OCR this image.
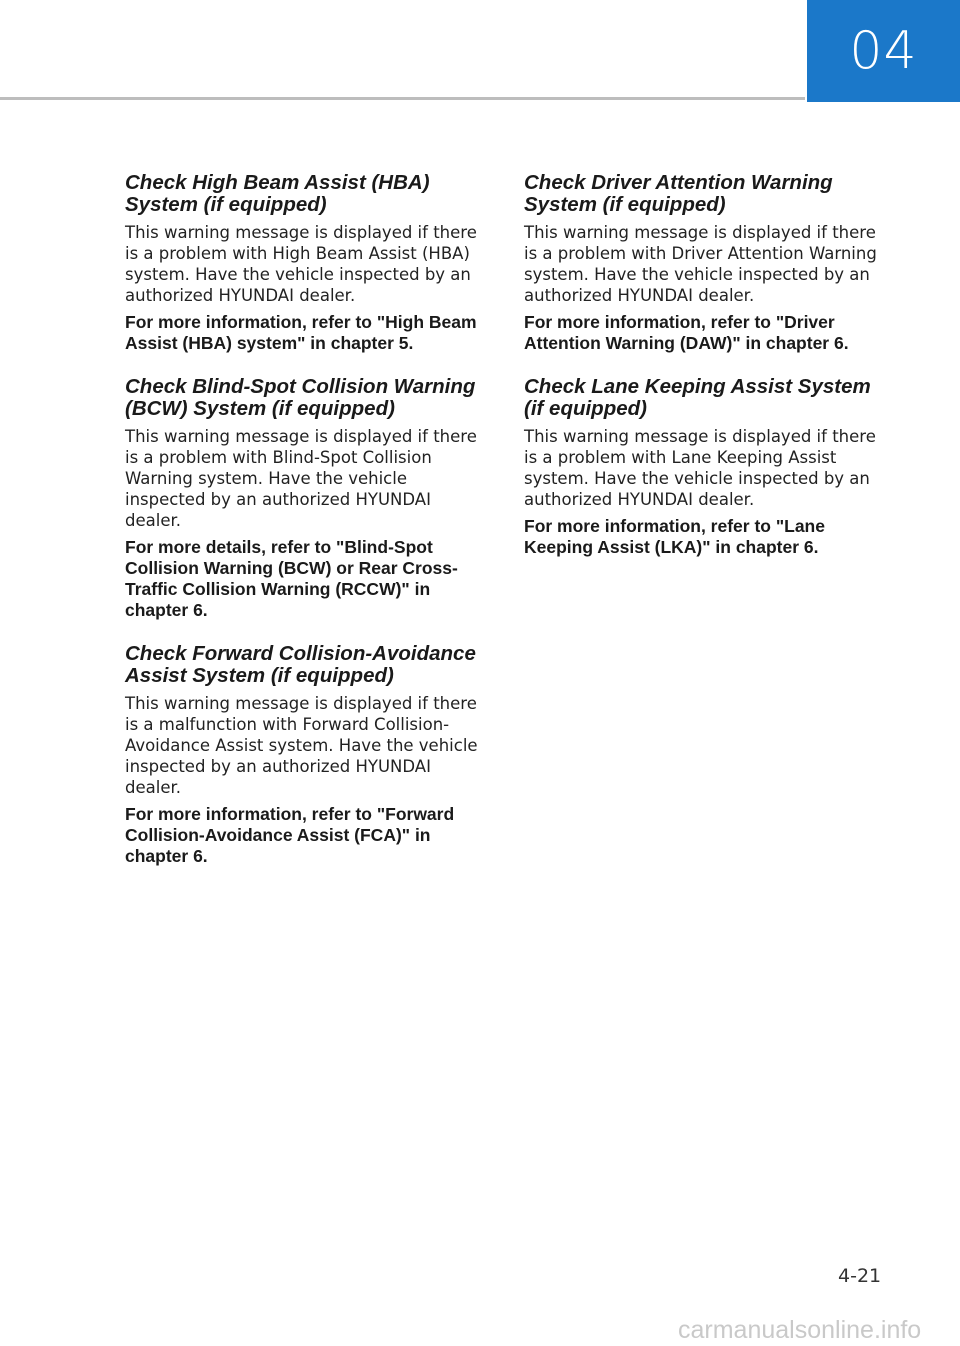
04
Check High Beam Assist (HBA) System (if equipped)

This warning message is displayed if there is a problem with High Beam Assist (HBA) system. Have the vehicle inspected by an authorized HYUNDAI dealer.

For more information, refer to "High Beam Assist (HBA) system" in chapter 5.

Check Blind-Spot Collision Warning (BCW) System (if equipped)

This warning message is displayed if there is a problem with Blind-Spot Collision Warning system. Have the vehicle inspected by an authorized HYUNDAI dealer.

For more details, refer to "Blind-Spot Collision Warning (BCW) or Rear Cross-Traffic Collision Warning (RCCW)" in chapter 6.

Check Forward Collision-Avoidance Assist System (if equipped)

This warning message is displayed if there is a malfunction with Forward Collision-Avoidance Assist system. Have the vehicle inspected by an authorized HYUNDAI dealer.

For more information, refer to "Forward Collision-Avoidance Assist (FCA)" in chapter 6.

Check Driver Attention Warning System (if equipped)

This warning message is displayed if there is a problem with Driver Attention Warning system. Have the vehicle inspected by an authorized HYUNDAI dealer.

For more information, refer to "Driver Attention Warning (DAW)" in chapter 6.

Check Lane Keeping Assist System (if equipped)

This warning message is displayed if there is a problem with Lane Keeping Assist system. Have the vehicle inspected by an authorized HYUNDAI dealer.

For more information, refer to "Lane Keeping Assist (LKA)" in chapter 6.

4-21
carmanualsonline.info
